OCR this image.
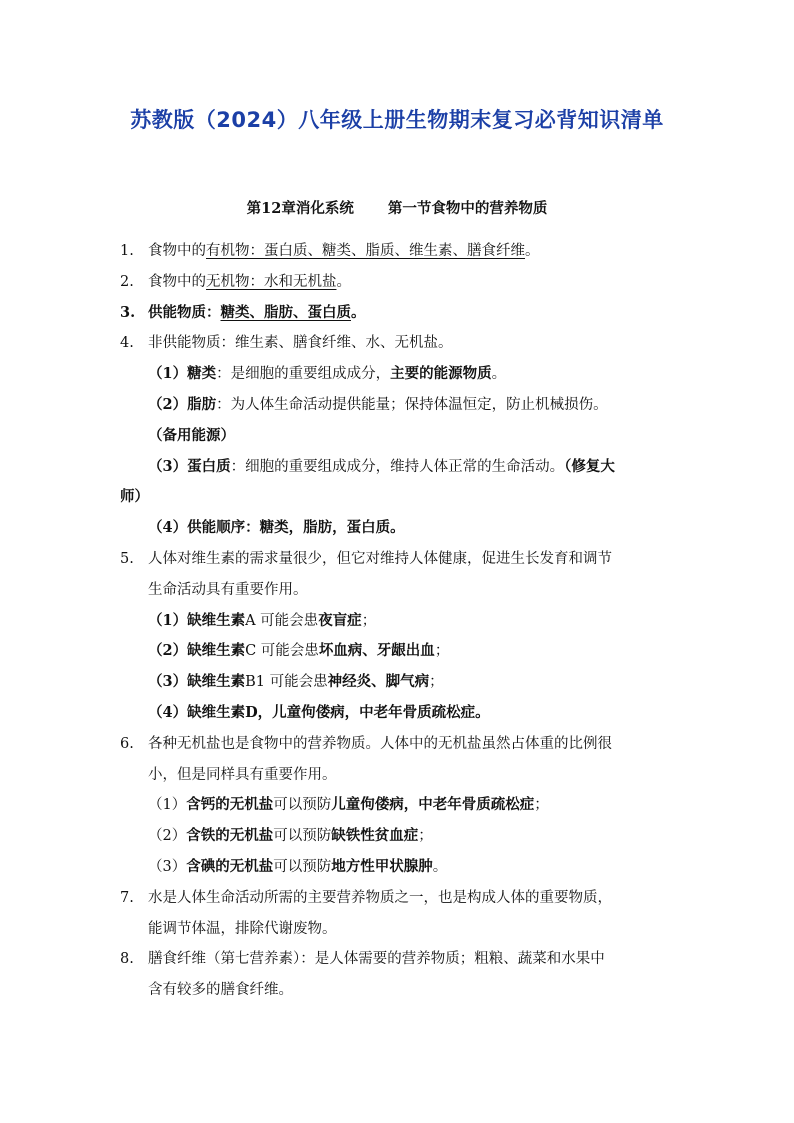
苏教版（2024）八年级上册生物期末复习必背知识清单
第12章消化系统 第一节食物中的营养物质
1. 食物中的有机物：蛋白质、糖类、脂质、维生素、膳食纤维。
2. 食物中的无机物：水和无机盐。
3. 供能物质：糖类、脂肪、蛋白质。
4. 非供能物质：维生素、膳食纤维、水、无机盐。
（1）糖类：是细胞的重要组成成分，主要的能源物质。
（2）脂肪：为人体生命活动提供能量；保持体温恒定，防止机械损伤。
（备用能源）
（3）蛋白质：细胞的重要组成成分，维持人体正常的生命活动。（修复大
师）
（4）供能顺序：糖类，脂肪，蛋白质。
5. 人体对维生素的需求量很少，但它对维持人体健康，促进生长发育和调节
生命活动具有重要作用。
（1）缺维生素A 可能会患夜盲症；
（2）缺维生素C 可能会患坏血病、牙龈出血；
（3）缺维生素B1 可能会患神经炎、脚气病；
（4）缺维生素D，儿童佝偻病，中老年骨质疏松症。
6. 各种无机盐也是食物中的营养物质。人体中的无机盐虽然占体重的比例很
小，但是同样具有重要作用。
（1）含钙的无机盐可以预防儿童佝偻病，中老年骨质疏松症；
（2）含铁的无机盐可以预防缺铁性贫血症；
（3）含碘的无机盐可以预防地方性甲状腺肿。
7. 水是人体生命活动所需的主要营养物质之一，也是构成人体的重要物质，
能调节体温，排除代谢废物。
8. 膳食纤维（第七营养素）：是人体需要的营养物质；粗粮、蔬菜和水果中
含有较多的膳食纤维。
